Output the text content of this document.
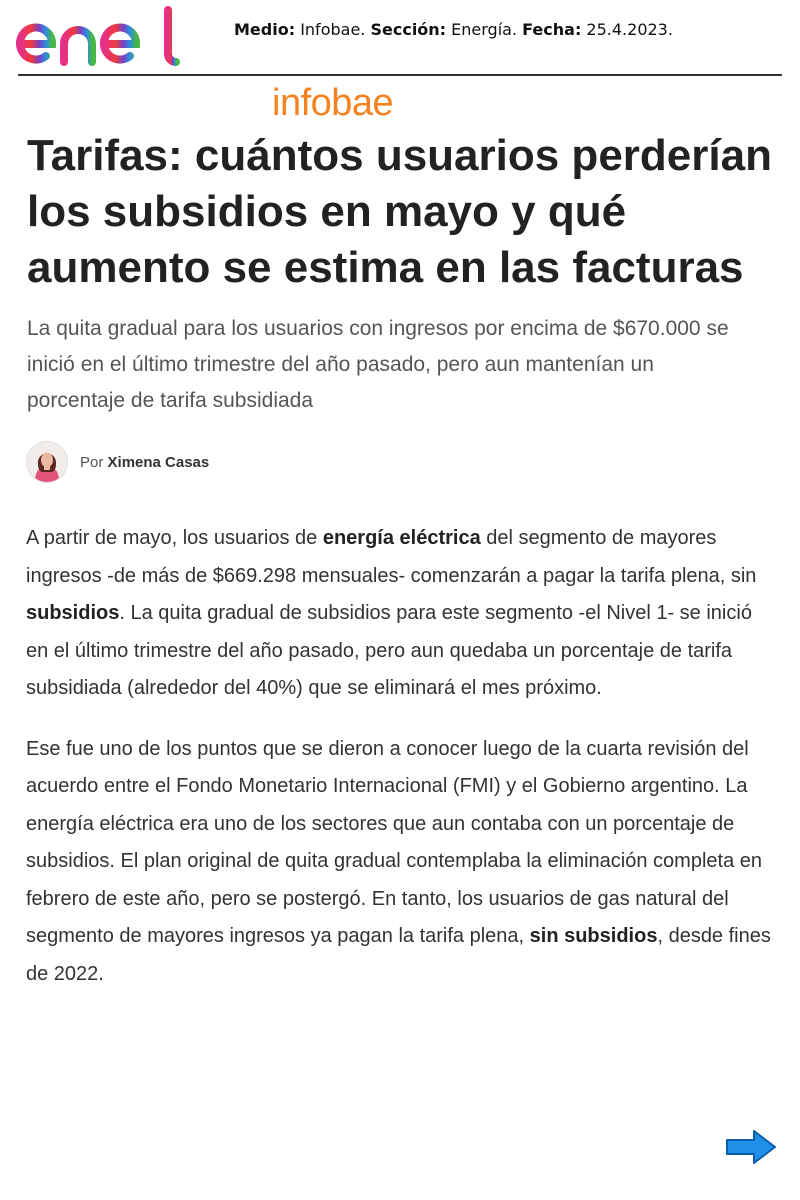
Medio: Infobae. Sección: Energía. Fecha: 25.4.2023.
infobae
Tarifas: cuántos usuarios perderían los subsidios en mayo y qué aumento se estima en las facturas

La quita gradual para los usuarios con ingresos por encima de $670.000 se inició en el último trimestre del año pasado, pero aun mantenían un porcentaje de tarifa subsidiada

Por Ximena Casas

A partir de mayo, los usuarios de energía eléctrica del segmento de mayores ingresos -de más de $669.298 mensuales- comenzarán a pagar la tarifa plena, sin subsidios. La quita gradual de subsidios para este segmento -el Nivel 1- se inició en el último trimestre del año pasado, pero aun quedaba un porcentaje de tarifa subsidiada (alrededor del 40%) que se eliminará el mes próximo.

Ese fue uno de los puntos que se dieron a conocer luego de la cuarta revisión del acuerdo entre el Fondo Monetario Internacional (FMI) y el Gobierno argentino. La energía eléctrica era uno de los sectores que aun contaba con un porcentaje de subsidios. El plan original de quita gradual contemplaba la eliminación completa en febrero de este año, pero se postergó. En tanto, los usuarios de gas natural del segmento de mayores ingresos ya pagan la tarifa plena, sin subsidios, desde fines de 2022.
